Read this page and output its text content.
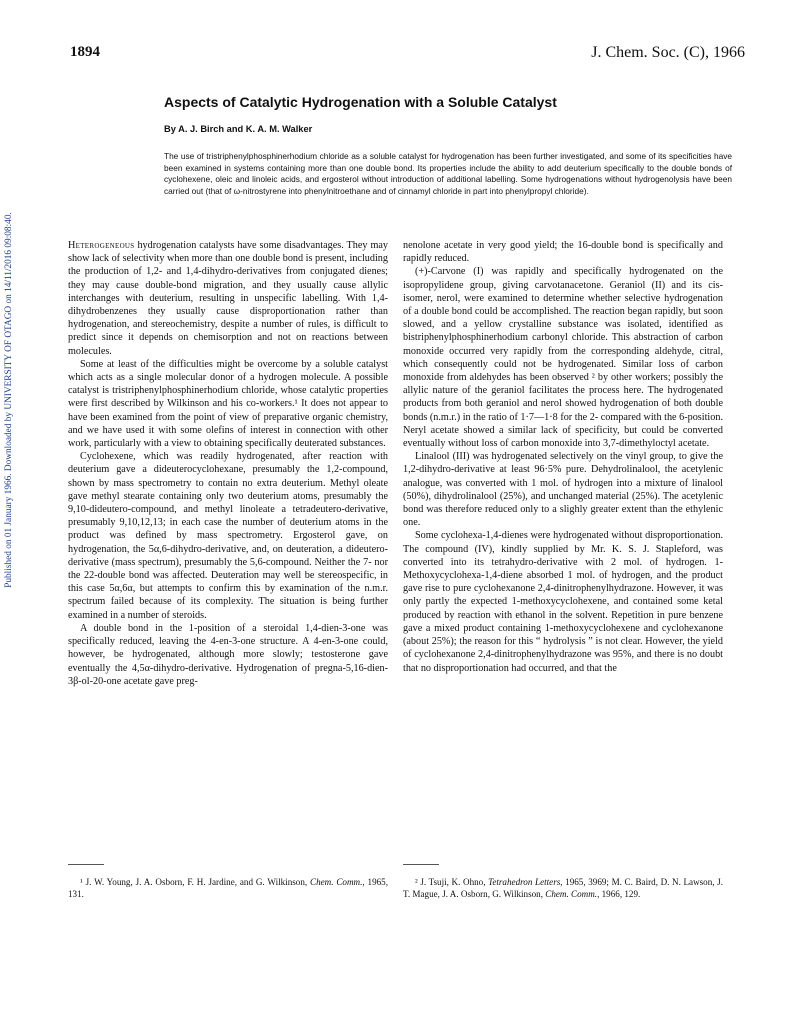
1894	J. Chem. Soc. (C), 1966
Aspects of Catalytic Hydrogenation with a Soluble Catalyst
By A. J. Birch and K. A. M. Walker
The use of tristriphenylphosphinerhodium chloride as a soluble catalyst for hydrogenation has been further investigated, and some of its specificities have been examined in systems containing more than one double bond. Its properties include the ability to add deuterium specifically to the double bonds of cyclohexene, oleic and linoleic acids, and ergosterol without introduction of additional labelling. Some hydrogenations without hydrogenolysis have been carried out (that of ω-nitrostyrene into phenylnitroethane and of cinnamyl chloride in part into phenylpropyl chloride).
Published on 01 January 1966. Downloaded by UNIVERSITY OF OTAGO on 14/11/2016 09:08:40.	Heterogeneous hydrogenation catalysts have some disadvantages. They may show lack of selectivity when more than one double bond is present, including the production of 1,2- and 1,4-dihydro-derivatives from conjugated dienes; they may cause double-bond migration, and they usually cause allylic interchanges with deuterium, resulting in unspecific labelling. With 1,4-dihydrobenzenes they usually cause disproportionation rather than hydrogenation, and stereochemistry, despite a number of rules, is difficult to predict since it depends on chemisorption and not on reactions between molecules.

Some at least of the difficulties might be overcome by a soluble catalyst which acts as a single molecular donor of a hydrogen molecule. A possible catalyst is tristriphenylphosphinerhodium chloride, whose catalytic properties were first described by Wilkinson and his co-workers.¹ It does not appear to have been examined from the point of view of preparative organic chemistry, and we have used it with some olefins of interest in connection with other work, particularly with a view to obtaining specifically deuterated substances.

Cyclohexene, which was readily hydrogenated, after reaction with deuterium gave a dideuterocyclohexane, presumably the 1,2-compound, shown by mass spectrometry to contain no extra deuterium. Methyl oleate gave methyl stearate containing only two deuterium atoms, presumably the 9,10-dideutero-compound, and methyl linoleate a tetradeutero-derivative, presumably 9,10,12,13; in each case the number of deuterium atoms in the product was defined by mass spectrometry. Ergosterol gave, on hydrogenation, the 5α,6-dihydro-derivative, and, on deuteration, a dideutero-derivative (mass spectrum), presumably the 5,6-compound. Neither the 7- nor the 22-double bond was affected. Deuteration may well be stereospecific, in this case 5α,6α, but attempts to confirm this by examination of the n.m.r. spectrum failed because of its complexity. The situation is being further examined in a number of steroids.

A double bond in the 1-position of a steroidal 1,4-dien-3-one was specifically reduced, leaving the 4-en-3-one structure. A 4-en-3-one could, however, be hydrogenated, although more slowly; testosterone gave eventually the 4,5α-dihydro-derivative. Hydrogenation of pregna-5,16-dien-3β-ol-20-one acetate gave preg-

nenolone acetate in very good yield; the 16-double bond is specifically and rapidly reduced.

(+)-Carvone (I) was rapidly and specifically hydrogenated on the isopropylidene group, giving carvotanacetone. Geraniol (II) and its cis-isomer, nerol, were examined to determine whether selective hydrogenation of a double bond could be accomplished. The reaction began rapidly, but soon slowed, and a yellow crystalline substance was isolated, identified as bistriphenylphosphinerhodium carbonyl chloride. This abstraction of carbon monoxide occurred very rapidly from the corresponding aldehyde, citral, which consequently could not be hydrogenated. Similar loss of carbon monoxide from aldehydes has been observed ² by other workers; possibly the allylic nature of the geraniol facilitates the process here. The hydrogenated products from both geraniol and nerol showed hydrogenation of both double bonds (n.m.r.) in the ratio of 1·7—1·8 for the 2- compared with the 6-position. Neryl acetate showed a similar lack of specificity, but could be converted eventually without loss of carbon monoxide into 3,7-dimethyloctyl acetate.

Linalool (III) was hydrogenated selectively on the vinyl group, to give the 1,2-dihydro-derivative at least 96·5% pure. Dehydrolinalool, the acetylenic analogue, was converted with 1 mol. of hydrogen into a mixture of linalool (50%), dihydrolinalool (25%), and unchanged material (25%). The acetylenic bond was therefore reduced only to a slighly greater extent than the ethylenic one.

Some cyclohexa-1,4-dienes were hydrogenated without disproportionation. The compound (IV), kindly supplied by Mr. K. S. J. Stapleford, was converted into its tetrahydro-derivative with 2 mol. of hydrogen. 1-Methoxycyclohexa-1,4-diene absorbed 1 mol. of hydrogen, and the product gave rise to pure cyclohexanone 2,4-dinitrophenylhydrazone. However, it was only partly the expected 1-methoxycyclohexene, and contained some ketal produced by reaction with ethanol in the solvent. Repetition in pure benzene gave a mixed product containing 1-methoxycyclohexene and cyclohexanone (about 25%); the reason for this “ hydrolysis ” is not clear. However, the yield of cyclohexanone 2,4-dinitrophenylhydrazone was 95%, and there is no doubt that no disproportionation had occurred, and that the

¹ J. W. Young, J. A. Osborn, F. H. Jardine, and G. Wilkinson, Chem. Comm., 1965, 131.
² J. Tsuji, K. Ohno, Tetrahedron Letters, 1965, 3969; M. C. Baird, D. N. Lawson, J. T. Mague, J. A. Osborn, G. Wilkinson, Chem. Comm., 1966, 129.
